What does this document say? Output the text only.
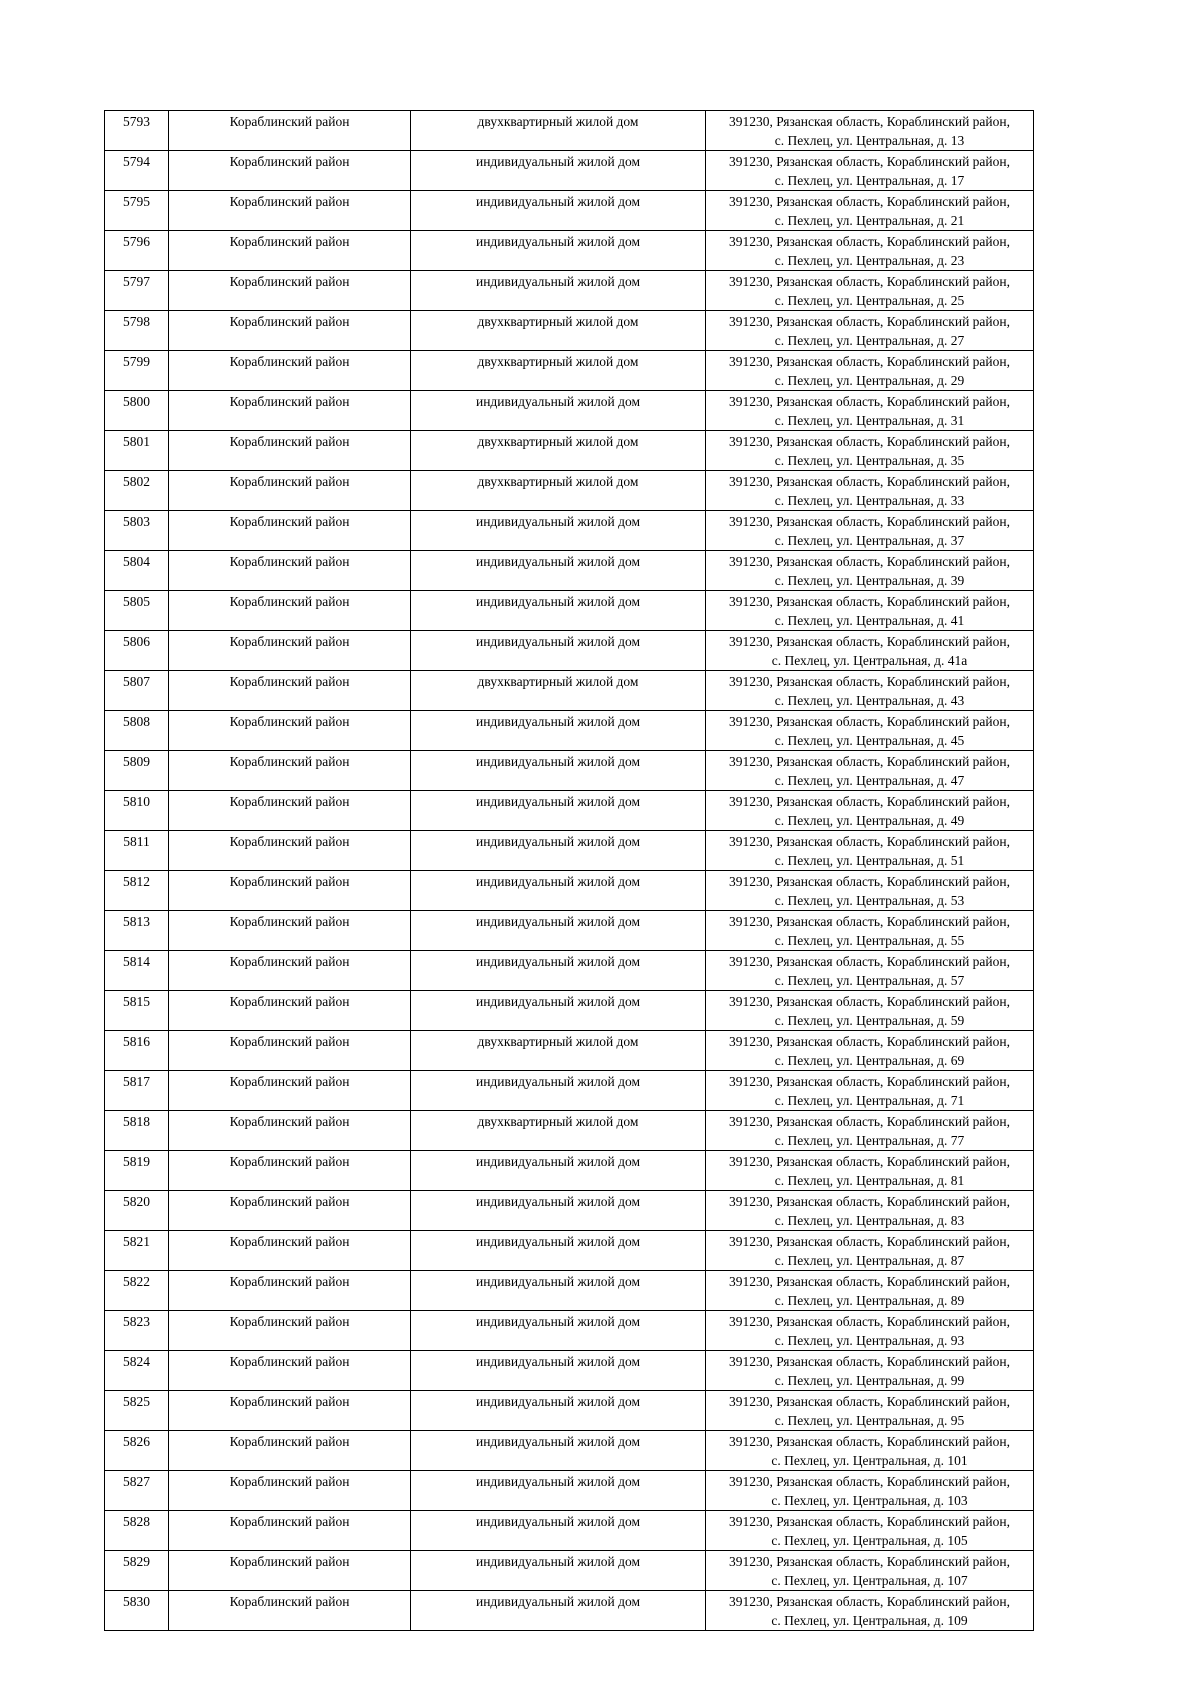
5793	Кораблинский район	двухквартирный жилой дом	391230, Рязанская область, Кораблинский район,
с. Пехлец, ул. Центральная, д. 13

5794	Кораблинский район	индивидуальный жилой дом	391230, Рязанская область, Кораблинский район,
с. Пехлец, ул. Центральная, д. 17

5795	Кораблинский район	индивидуальный жилой дом	391230, Рязанская область, Кораблинский район,
с. Пехлец, ул. Центральная, д. 21

5796	Кораблинский район	индивидуальный жилой дом	391230, Рязанская область, Кораблинский район,
с. Пехлец, ул. Центральная, д. 23

5797	Кораблинский район	индивидуальный жилой дом	391230, Рязанская область, Кораблинский район,
с. Пехлец, ул. Центральная, д. 25

5798	Кораблинский район	двухквартирный жилой дом	391230, Рязанская область, Кораблинский район,
с. Пехлец, ул. Центральная, д. 27

5799	Кораблинский район	двухквартирный жилой дом	391230, Рязанская область, Кораблинский район,
с. Пехлец, ул. Центральная, д. 29

5800	Кораблинский район	индивидуальный жилой дом	391230, Рязанская область, Кораблинский район,
с. Пехлец, ул. Центральная, д. 31

5801	Кораблинский район	двухквартирный жилой дом	391230, Рязанская область, Кораблинский район,
с. Пехлец, ул. Центральная, д. 35

5802	Кораблинский район	двухквартирный жилой дом	391230, Рязанская область, Кораблинский район,
с. Пехлец, ул. Центральная, д. 33

5803	Кораблинский район	индивидуальный жилой дом	391230, Рязанская область, Кораблинский район,
с. Пехлец, ул. Центральная, д. 37

5804	Кораблинский район	индивидуальный жилой дом	391230, Рязанская область, Кораблинский район,
с. Пехлец, ул. Центральная, д. 39

5805	Кораблинский район	индивидуальный жилой дом	391230, Рязанская область, Кораблинский район,
с. Пехлец, ул. Центральная, д. 41

5806	Кораблинский район	индивидуальный жилой дом	391230, Рязанская область, Кораблинский район,
с. Пехлец, ул. Центральная, д. 41а

5807	Кораблинский район	двухквартирный жилой дом	391230, Рязанская область, Кораблинский район,
с. Пехлец, ул. Центральная, д. 43

5808	Кораблинский район	индивидуальный жилой дом	391230, Рязанская область, Кораблинский район,
с. Пехлец, ул. Центральная, д. 45

5809	Кораблинский район	индивидуальный жилой дом	391230, Рязанская область, Кораблинский район,
с. Пехлец, ул. Центральная, д. 47

5810	Кораблинский район	индивидуальный жилой дом	391230, Рязанская область, Кораблинский район,
с. Пехлец, ул. Центральная, д. 49

5811	Кораблинский район	индивидуальный жилой дом	391230, Рязанская область, Кораблинский район,
с. Пехлец, ул. Центральная, д. 51

5812	Кораблинский район	индивидуальный жилой дом	391230, Рязанская область, Кораблинский район,
с. Пехлец, ул. Центральная, д. 53

5813	Кораблинский район	индивидуальный жилой дом	391230, Рязанская область, Кораблинский район,
с. Пехлец, ул. Центральная, д. 55

5814	Кораблинский район	индивидуальный жилой дом	391230, Рязанская область, Кораблинский район,
с. Пехлец, ул. Центральная, д. 57

5815	Кораблинский район	индивидуальный жилой дом	391230, Рязанская область, Кораблинский район,
с. Пехлец, ул. Центральная, д. 59

5816	Кораблинский район	двухквартирный жилой дом	391230, Рязанская область, Кораблинский район,
с. Пехлец, ул. Центральная, д. 69

5817	Кораблинский район	индивидуальный жилой дом	391230, Рязанская область, Кораблинский район,
с. Пехлец, ул. Центральная, д. 71

5818	Кораблинский район	двухквартирный жилой дом	391230, Рязанская область, Кораблинский район,
с. Пехлец, ул. Центральная, д. 77

5819	Кораблинский район	индивидуальный жилой дом	391230, Рязанская область, Кораблинский район,
с. Пехлец, ул. Центральная, д. 81

5820	Кораблинский район	индивидуальный жилой дом	391230, Рязанская область, Кораблинский район,
с. Пехлец, ул. Центральная, д. 83

5821	Кораблинский район	индивидуальный жилой дом	391230, Рязанская область, Кораблинский район,
с. Пехлец, ул. Центральная, д. 87

5822	Кораблинский район	индивидуальный жилой дом	391230, Рязанская область, Кораблинский район,
с. Пехлец, ул. Центральная, д. 89

5823	Кораблинский район	индивидуальный жилой дом	391230, Рязанская область, Кораблинский район,
с. Пехлец, ул. Центральная, д. 93

5824	Кораблинский район	индивидуальный жилой дом	391230, Рязанская область, Кораблинский район,
с. Пехлец, ул. Центральная, д. 99

5825	Кораблинский район	индивидуальный жилой дом	391230, Рязанская область, Кораблинский район,
с. Пехлец, ул. Центральная, д. 95

5826	Кораблинский район	индивидуальный жилой дом	391230, Рязанская область, Кораблинский район,
с. Пехлец, ул. Центральная, д. 101

5827	Кораблинский район	индивидуальный жилой дом	391230, Рязанская область, Кораблинский район,
с. Пехлец, ул. Центральная, д. 103

5828	Кораблинский район	индивидуальный жилой дом	391230, Рязанская область, Кораблинский район,
с. Пехлец, ул. Центральная, д. 105

5829	Кораблинский район	индивидуальный жилой дом	391230, Рязанская область, Кораблинский район,
с. Пехлец, ул. Центральная, д. 107

5830	Кораблинский район	индивидуальный жилой дом	391230, Рязанская область, Кораблинский район,
с. Пехлец, ул. Центральная, д. 109
